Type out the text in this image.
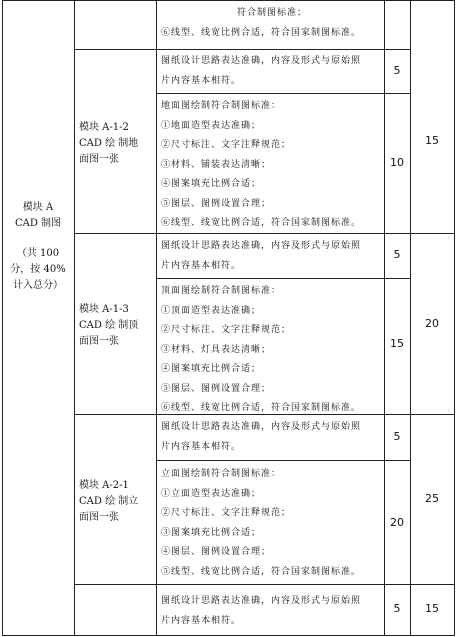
模块 A
CAD 制图
（共 100
分，按 40%
计入总分）
符合制图标准；
⑥线型、线宽比例合适，符合国家制图标准。
模块 A-1-2
CAD 绘 制地
面图一张
图纸设计思路表达准确，内容及形式与原始照
片内容基本相符。
5
地面图绘制符合制图标准：
①地面造型表达准确；
②尺寸标注、文字注释规范；
③材料、铺装表达清晰；
④图案填充比例合适；
⑤图层、图例设置合理；
⑥线型、线宽比例合适，符合国家制图标准。
10
15
模块 A-1-3
CAD 绘 制顶
面图一张
图纸设计思路表达准确，内容及形式与原始照
片内容基本相符。
5
顶面图绘制符合制图标准：
①顶面造型表达准确；
②尺寸标注、文字注释规范；
③材料、灯具表达清晰；
④图案填充比例合适；
⑤图层、图例设置合理；
⑥线型、线宽比例合适，符合国家制图标准。
15
20
模块 A-2-1
CAD 绘 制立
面图一张
图纸设计思路表达准确，内容及形式与原始照
片内容基本相符。
5
立面图绘制符合制图标准：
①立面造型表达准确；
②尺寸标注、文字注释规范；
③图案填充比例合适；
④图层、图例设置合理；
⑤线型、线宽比例合适，符合国家制图标准。
20
25
图纸设计思路表达准确，内容及形式与原始照
片内容基本相符。
5	15
